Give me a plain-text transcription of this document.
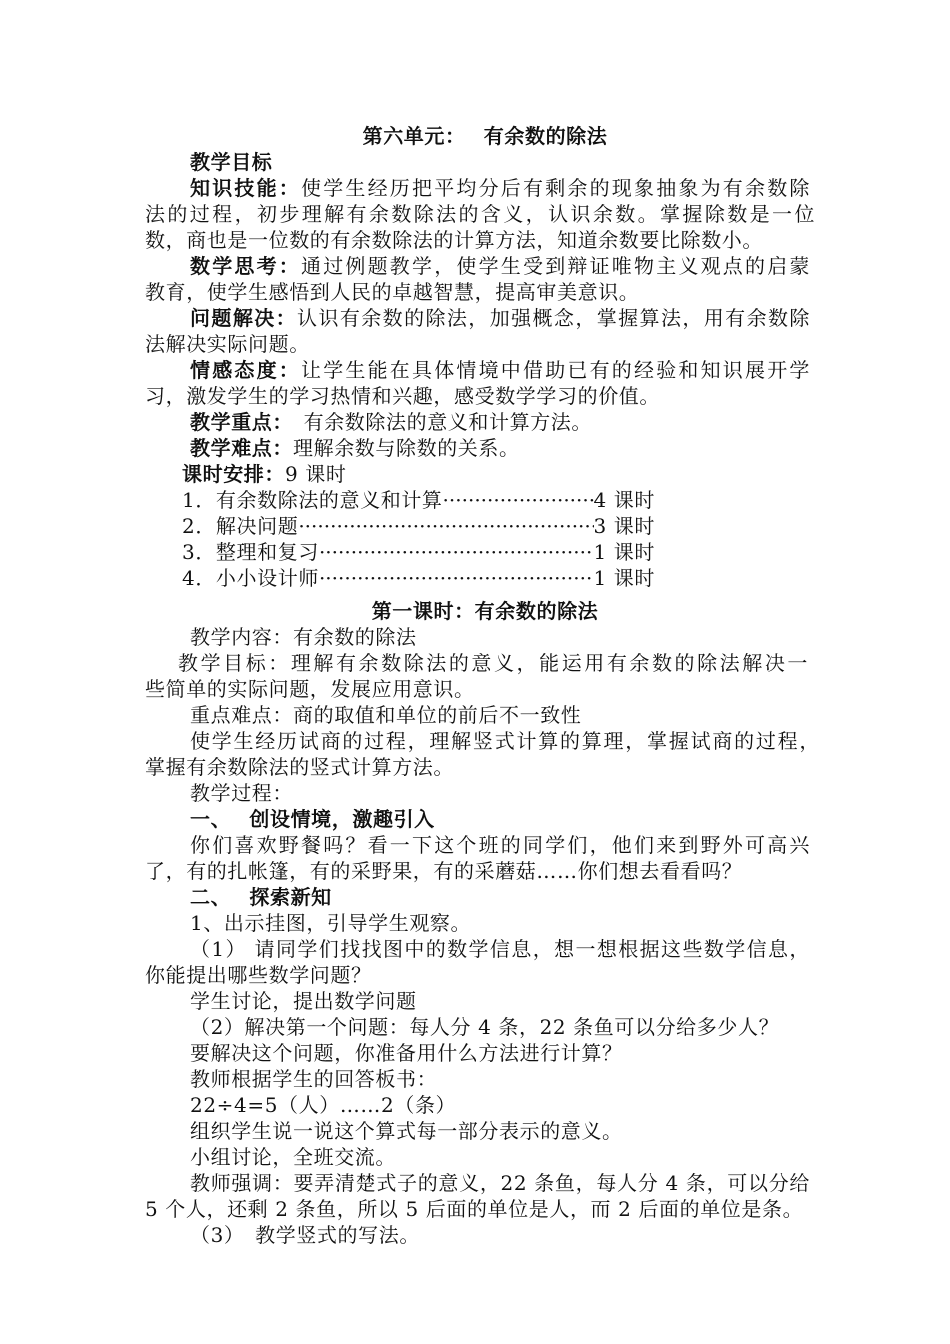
第六单元：　 有余数的除法
教学目标
知识技能：使学生经历把平均分后有剩余的现象抽象为有余数除
法的过程，初步理解有余数除法的含义，认识余数。掌握除数是一位
数，商也是一位数的有余数除法的计算方法，知道余数要比除数小。
数学思考：通过例题教学，使学生受到辩证唯物主义观点的启蒙
教育，使学生感悟到人民的卓越智慧，提高审美意识。
问题解决：认识有余数的除法，加强概念，掌握算法，用有余数除
法解决实际问题。
情感态度：让学生能在具体情境中借助已有的经验和知识展开学
习，激发学生的学习热情和兴趣，感受数学学习的价值。
教学重点：　有余数除法的意义和计算方法。
教学难点：理解余数与除数的关系。
课时安排：9 课时
1．有余数除法的意义和计算 ·····	4 课时
2．解决问题 ·····	3 课时
3．整理和复习 ·····	1 课时
4．小小设计师 ·····	1 课时
第一课时：有余数的除法
教学内容：有余数的除法
教学目标：理解有余数除法的意义，能运用有余数的除法解决一
些简单的实际问题，发展应用意识。
重点难点：商的取值和单位的前后不一致性
使学生经历试商的过程，理解竖式计算的算理，掌握试商的过程，
掌握有余数除法的竖式计算方法。
教学过程：
一、　 创设情境，激趣引入
你们喜欢野餐吗？看一下这个班的同学们，他们来到野外可高兴
了，有的扎帐篷，有的采野果，有的采蘑菇……你们想去看看吗？
二、　 探索新知
1、出示挂图，引导学生观察。
（1） 请同学们找找图中的数学信息，想一想根据这些数学信息，
你能提出哪些数学问题？
学生讨论，提出数学问题
（2）解决第一个问题：每人分 4 条，22 条鱼可以分给多少人？
要解决这个问题，你准备用什么方法进行计算？
教师根据学生的回答板书：
22÷4=5（人）……2（条）
组织学生说一说这个算式每一部分表示的意义。
小组讨论，全班交流。
教师强调：要弄清楚式子的意义，22 条鱼，每人分 4 条，可以分给
5 个人，还剩 2 条鱼，所以 5 后面的单位是人，而 2 后面的单位是条。
（3）　教学竖式的写法。
